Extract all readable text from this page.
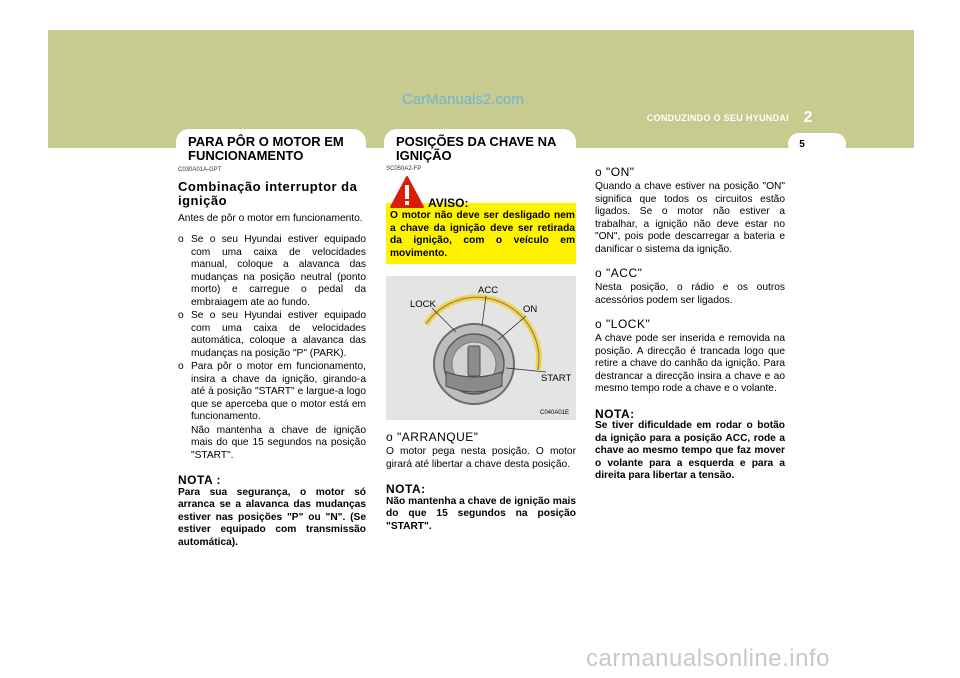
CarManuals2.com
2
CONDUZINDO O SEU HYUNDAI
5
PARA PÔR O MOTOR EM
FUNCIONAMENTO
POSIÇÕES DA CHAVE NA
IGNIÇÃO
C030A01A-GPT
Combinação interruptor da
ignição
Antes de pôr o motor em funcionamento.
o Se o seu Hyundai estiver equipado com uma caixa de velocidades manual, coloque a alavanca das mudanças na posição neutral (ponto morto) e carregue o pedal da embraiagem ate ao fundo.
o Se o seu Hyundai estiver equipado com uma caixa de velocidades automática, coloque a alavanca das mudanças na posição "P" (PARK).
o Para pôr o motor em funcionamento, insira a chave da ignição, girando-a até à posição "START" e largue-a logo que se aperceba que o motor está em funcionamento.
Não mantenha a chave de ignição mais do que 15 segundos na posição "START".
NOTA :
Para sua segurança, o motor só arranca se a alavanca das mudanças estiver nas posições "P" ou "N". (Se estiver equipado com transmissão automática).
SC050A2-FP
AVISO:
O motor não deve ser desligado nem a chave da ignição deve ser retirada da ignição, com o veículo em movimento.
LOCK
ACC
ON
START
C040A01E
o "ARRANQUE"
O motor pega nesta posição. O motor girará até libertar a chave desta posição.
NOTA:
Não mantenha a chave de ignição mais do que 15 segundos na posição "START".
o "ON"
Quando a chave estiver na posição "ON" significa que todos os circuitos estão ligados. Se o motor não estiver a trabalhar, a ignição não deve estar no "ON", pois pode descarregar a bateria e danificar o sistema da ignição.
o "ACC"
Nesta posição, o rádio e os outros acessórios podem ser ligados.
o "LOCK"
A chave pode ser inserida e removida na posição. A direcção é trancada logo que retire a chave do canhão da ignição. Para destrancar a direcção insira a chave e ao mesmo tempo rode a chave e o volante.
NOTA:
Se tiver dificuldade em rodar o botão da ignição para a posição ACC, rode a chave ao mesmo tempo que faz mover o volante para a esquerda e para a direita para libertar a tensão.
carmanualsonline.info
